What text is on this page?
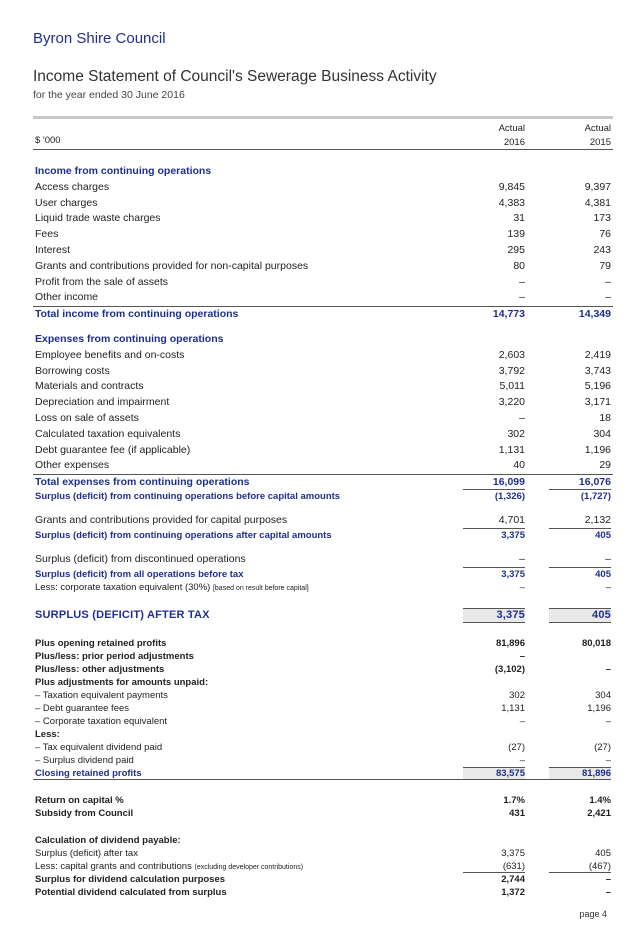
Byron Shire Council
Income Statement of Council's Sewerage Business Activity
for the year ended 30 June 2016
$ '000
Actual
2016
Actual
2015
Income from continuing operations
Access charges	9,845	9,397
User charges	4,383	4,381
Liquid trade waste charges	31	173
Fees	139	76
Interest	295	243
Grants and contributions provided for non-capital purposes	80	79
Profit from the sale of assets	–	–
Other income	–	–
Total income from continuing operations	14,773	14,349
Expenses from continuing operations
Employee benefits and on-costs	2,603	2,419
Borrowing costs	3,792	3,743
Materials and contracts	5,011	5,196
Depreciation and impairment	3,220	3,171
Loss on sale of assets	–	18
Calculated taxation equivalents	302	304
Debt guarantee fee (if applicable)	1,131	1,196
Other expenses	40	29
Total expenses from continuing operations	16,099	16,076
Surplus (deficit) from continuing operations before capital amounts	(1,326)	(1,727)
Grants and contributions provided for capital purposes	4,701	2,132
Surplus (deficit) from continuing operations after capital amounts	3,375	405
Surplus (deficit) from discontinued operations	–	–
Surplus (deficit) from all operations before tax	3,375	405
Less: corporate taxation equivalent (30%) [based on result before capital]	–	–
SURPLUS (DEFICIT) AFTER TAX	3,375	405
Plus opening retained profits	81,896	80,018
Plus/less: prior period adjustments	–
Plus/less: other adjustments	(3,102)	–
Plus adjustments for amounts unpaid:
– Taxation equivalent payments	302	304
– Debt guarantee fees	1,131	1,196
– Corporate taxation equivalent	–	–
Less:
– Tax equivalent dividend paid	(27)	(27)
– Surplus dividend paid	–	–
Closing retained profits	83,575	81,896
Return on capital %	1.7%	1.4%
Subsidy from Council	431	2,421
Calculation of dividend payable:
Surplus (deficit) after tax	3,375	405
Less: capital grants and contributions (excluding developer contributions)	(631)	(467)
Surplus for dividend calculation purposes	2,744	–
Potential dividend calculated from surplus	1,372	–
page 4
